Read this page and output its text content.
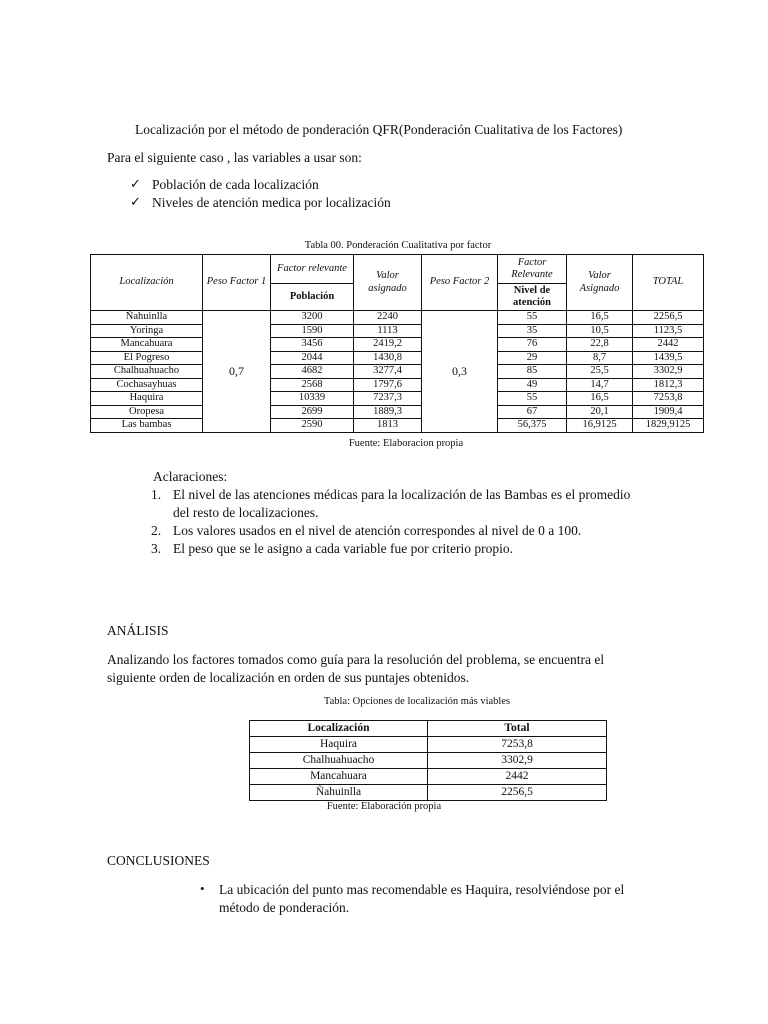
Localización por el método de ponderación QFR(Ponderación Cualitativa de los Factores)
Para el siguiente caso , las variables a usar son:
✓ Población de cada localización
✓ Niveles de atención medica por localización
Tabla 00. Ponderación Cualitativa por factor
Localización	Peso Factor 1	Factor relevante	Valor asignado	Peso Factor 2	Factor Relevante	Valor Asignado	TOTAL
		Población			Nivel de atención		
Ñahuinlla	0,7	3200	2240	0,3	55	16,5	2256,5
Yoringa		1590	1113		35	10,5	1123,5
Mancahuara		3456	2419,2		76	22,8	2442
El Pogreso		2044	1430,8		29	8,7	1439,5
Chalhuahuacho		4682	3277,4		85	25,5	3302,9
Cochasayhuas		2568	1797,6		49	14,7	1812,3
Haquira		10339	7237,3		55	16,5	7253,8
Oropesa		2699	1889,3		67	20,1	1909,4
Las bambas		2590	1813		56,375	16,9125	1829,9125
Fuente: Elaboracion propia
Aclaraciones:
1. El nivel de las atenciones médicas para la localización de las Bambas es el promedio
del resto de localizaciones.
2. Los valores usados en el nivel de atención correspondes al nivel de 0 a 100.
3. El peso que se le asigno a cada variable fue por criterio propio.
ANÁLISIS
Analizando los factores tomados como guía para la resolución del problema, se encuentra el
siguiente orden de localización en orden de sus puntajes obtenidos.
Tabla: Opciones de localización más viables
Localización	Total
Haquira	7253,8
Chalhuahuacho	3302,9
Mancahuara	2442
Ñahuinlla	2256,5
Fuente: Elaboración propia
CONCLUSIONES
• La ubicación del punto mas recomendable es Haquira, resolviéndose por el
método de ponderación.
